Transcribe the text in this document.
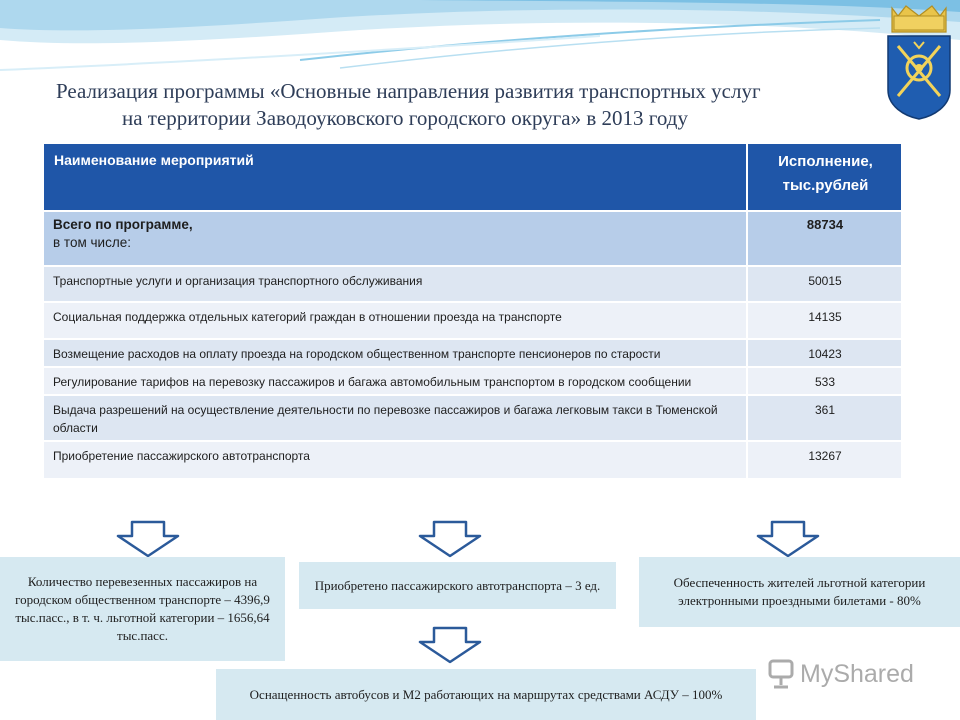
Реализация программы «Основные направления развития транспортных услуг
на территории Заводоуковского городского округа» в 2013 году
Наименование мероприятий	Исполнение,
тыс.рублей
Всего по программе,
в том числе:	88734
Транспортные услуги и организация транспортного обслуживания	50015
Социальная поддержка отдельных категорий граждан в отношении проезда на транспорте	14135
Возмещение расходов на оплату проезда на городском общественном транспорте пенсионеров по старости	10423
Регулирование тарифов на перевозку пассажиров и багажа автомобильным транспортом в городском сообщении	533
Выдача разрешений на осуществление деятельности по перевозке пассажиров и багажа легковым такси в Тюменской области	361
Приобретение пассажирского автотранспорта	13267
Количество перевезенных пассажиров на городском общественном транспорте – 4396,9 тыс.пасс., в т. ч. льготной категории – 1656,64 тыс.пасс.
Приобретено пассажирского автотранспорта – 3 ед.	Обеспеченность жителей льготной категории электронными проездными билетами - 80%
Оснащенность автобусов и М2 работающих на маршрутах средствами АСДУ – 100%
MyShared
